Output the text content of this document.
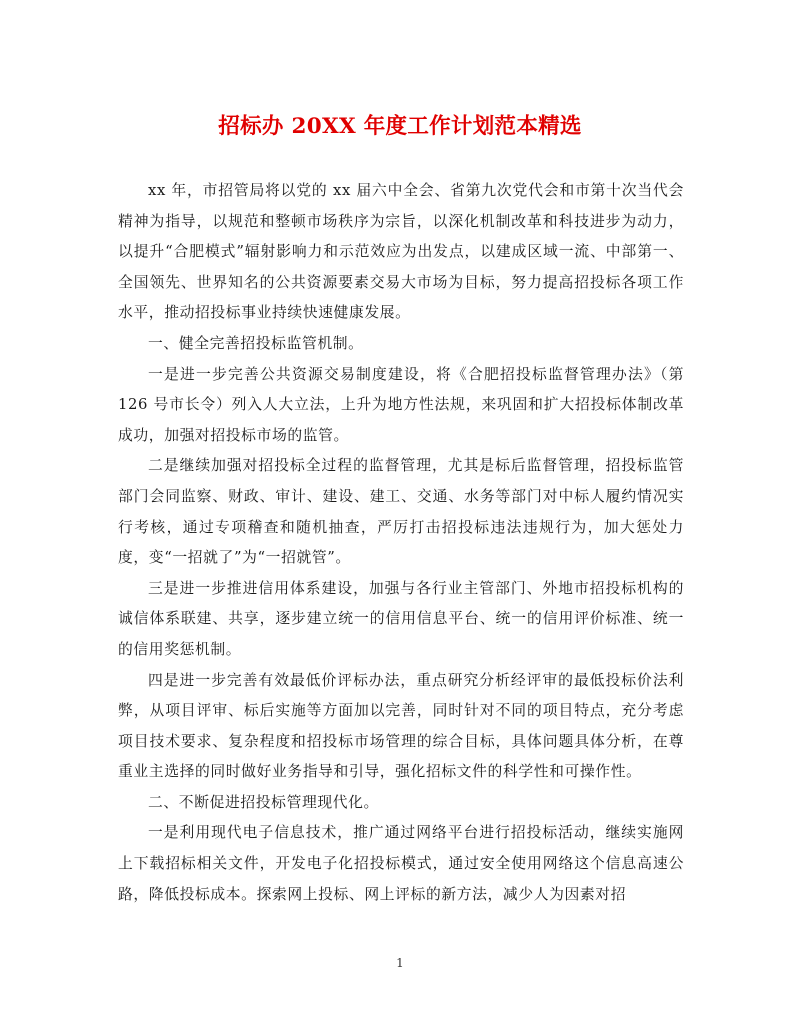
招标办 20XX 年度工作计划范本精选

xx 年，市招管局将以党的 xx 届六中全会、省第九次党代会和市第十次当代会精神为指导，以规范和整顿市场秩序为宗旨，以深化机制改革和科技进步为动力，以提升“合肥模式”辐射影响力和示范效应为出发点，以建成区域一流、中部第一、全国领先、世界知名的公共资源要素交易大市场为目标，努力提高招投标各项工作水平，推动招投标事业持续快速健康发展。

一、健全完善招投标监管机制。

一是进一步完善公共资源交易制度建设，将《合肥招投标监督管理办法》（第 126 号市长令）列入人大立法，上升为地方性法规，来巩固和扩大招投标体制改革成功，加强对招投标市场的监管。

二是继续加强对招投标全过程的监督管理，尤其是标后监督管理，招投标监管部门会同监察、财政、审计、建设、建工、交通、水务等部门对中标人履约情况实行考核，通过专项稽查和随机抽查，严厉打击招投标违法违规行为，加大惩处力度，变“一招就了”为“一招就管”。

三是进一步推进信用体系建设，加强与各行业主管部门、外地市招投标机构的诚信体系联建、共享，逐步建立统一的信用信息平台、统一的信用评价标准、统一的信用奖惩机制。

四是进一步完善有效最低价评标办法，重点研究分析经评审的最低投标价法利弊，从项目评审、标后实施等方面加以完善，同时针对不同的项目特点，充分考虑项目技术要求、复杂程度和招投标市场管理的综合目标，具体问题具体分析，在尊重业主选择的同时做好业务指导和引导，强化招标文件的科学性和可操作性。

二、不断促进招投标管理现代化。

一是利用现代电子信息技术，推广通过网络平台进行招投标活动，继续实施网上下载招标相关文件，开发电子化招投标模式，通过安全使用网络这个信息高速公路，降低投标成本。探索网上投标、网上评标的新方法，减少人为因素对招

1
